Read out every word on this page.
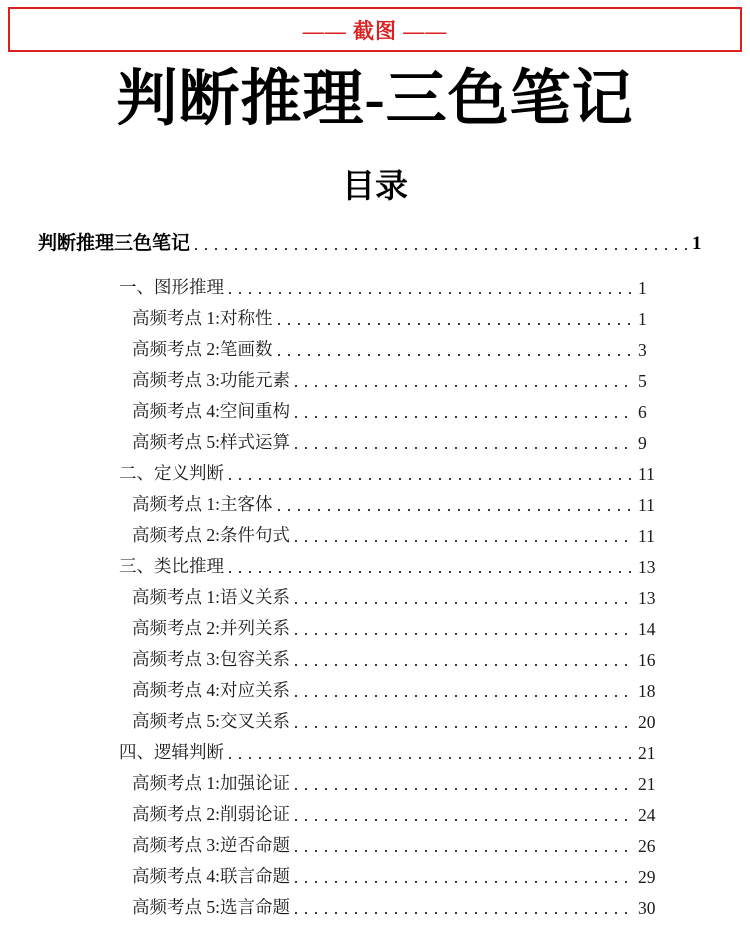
—— 截图 ——
判断推理-三色笔记
目录
判断推理三色笔记	1
一、图形推理	1
高频考点 1:对称性	1
高频考点 2:笔画数	3
高频考点 3:功能元素	5
高频考点 4:空间重构	6
高频考点 5:样式运算	9
二、定义判断	11
高频考点 1:主客体	11
高频考点 2:条件句式	11
三、类比推理	13
高频考点 1:语义关系	13
高频考点 2:并列关系	14
高频考点 3:包容关系	16
高频考点 4:对应关系	18
高频考点 5:交叉关系	20
四、逻辑判断	21
高频考点 1:加强论证	21
高频考点 2:削弱论证	24
高频考点 3:逆否命题	26
高频考点 4:联言命题	29
高频考点 5:选言命题	30
